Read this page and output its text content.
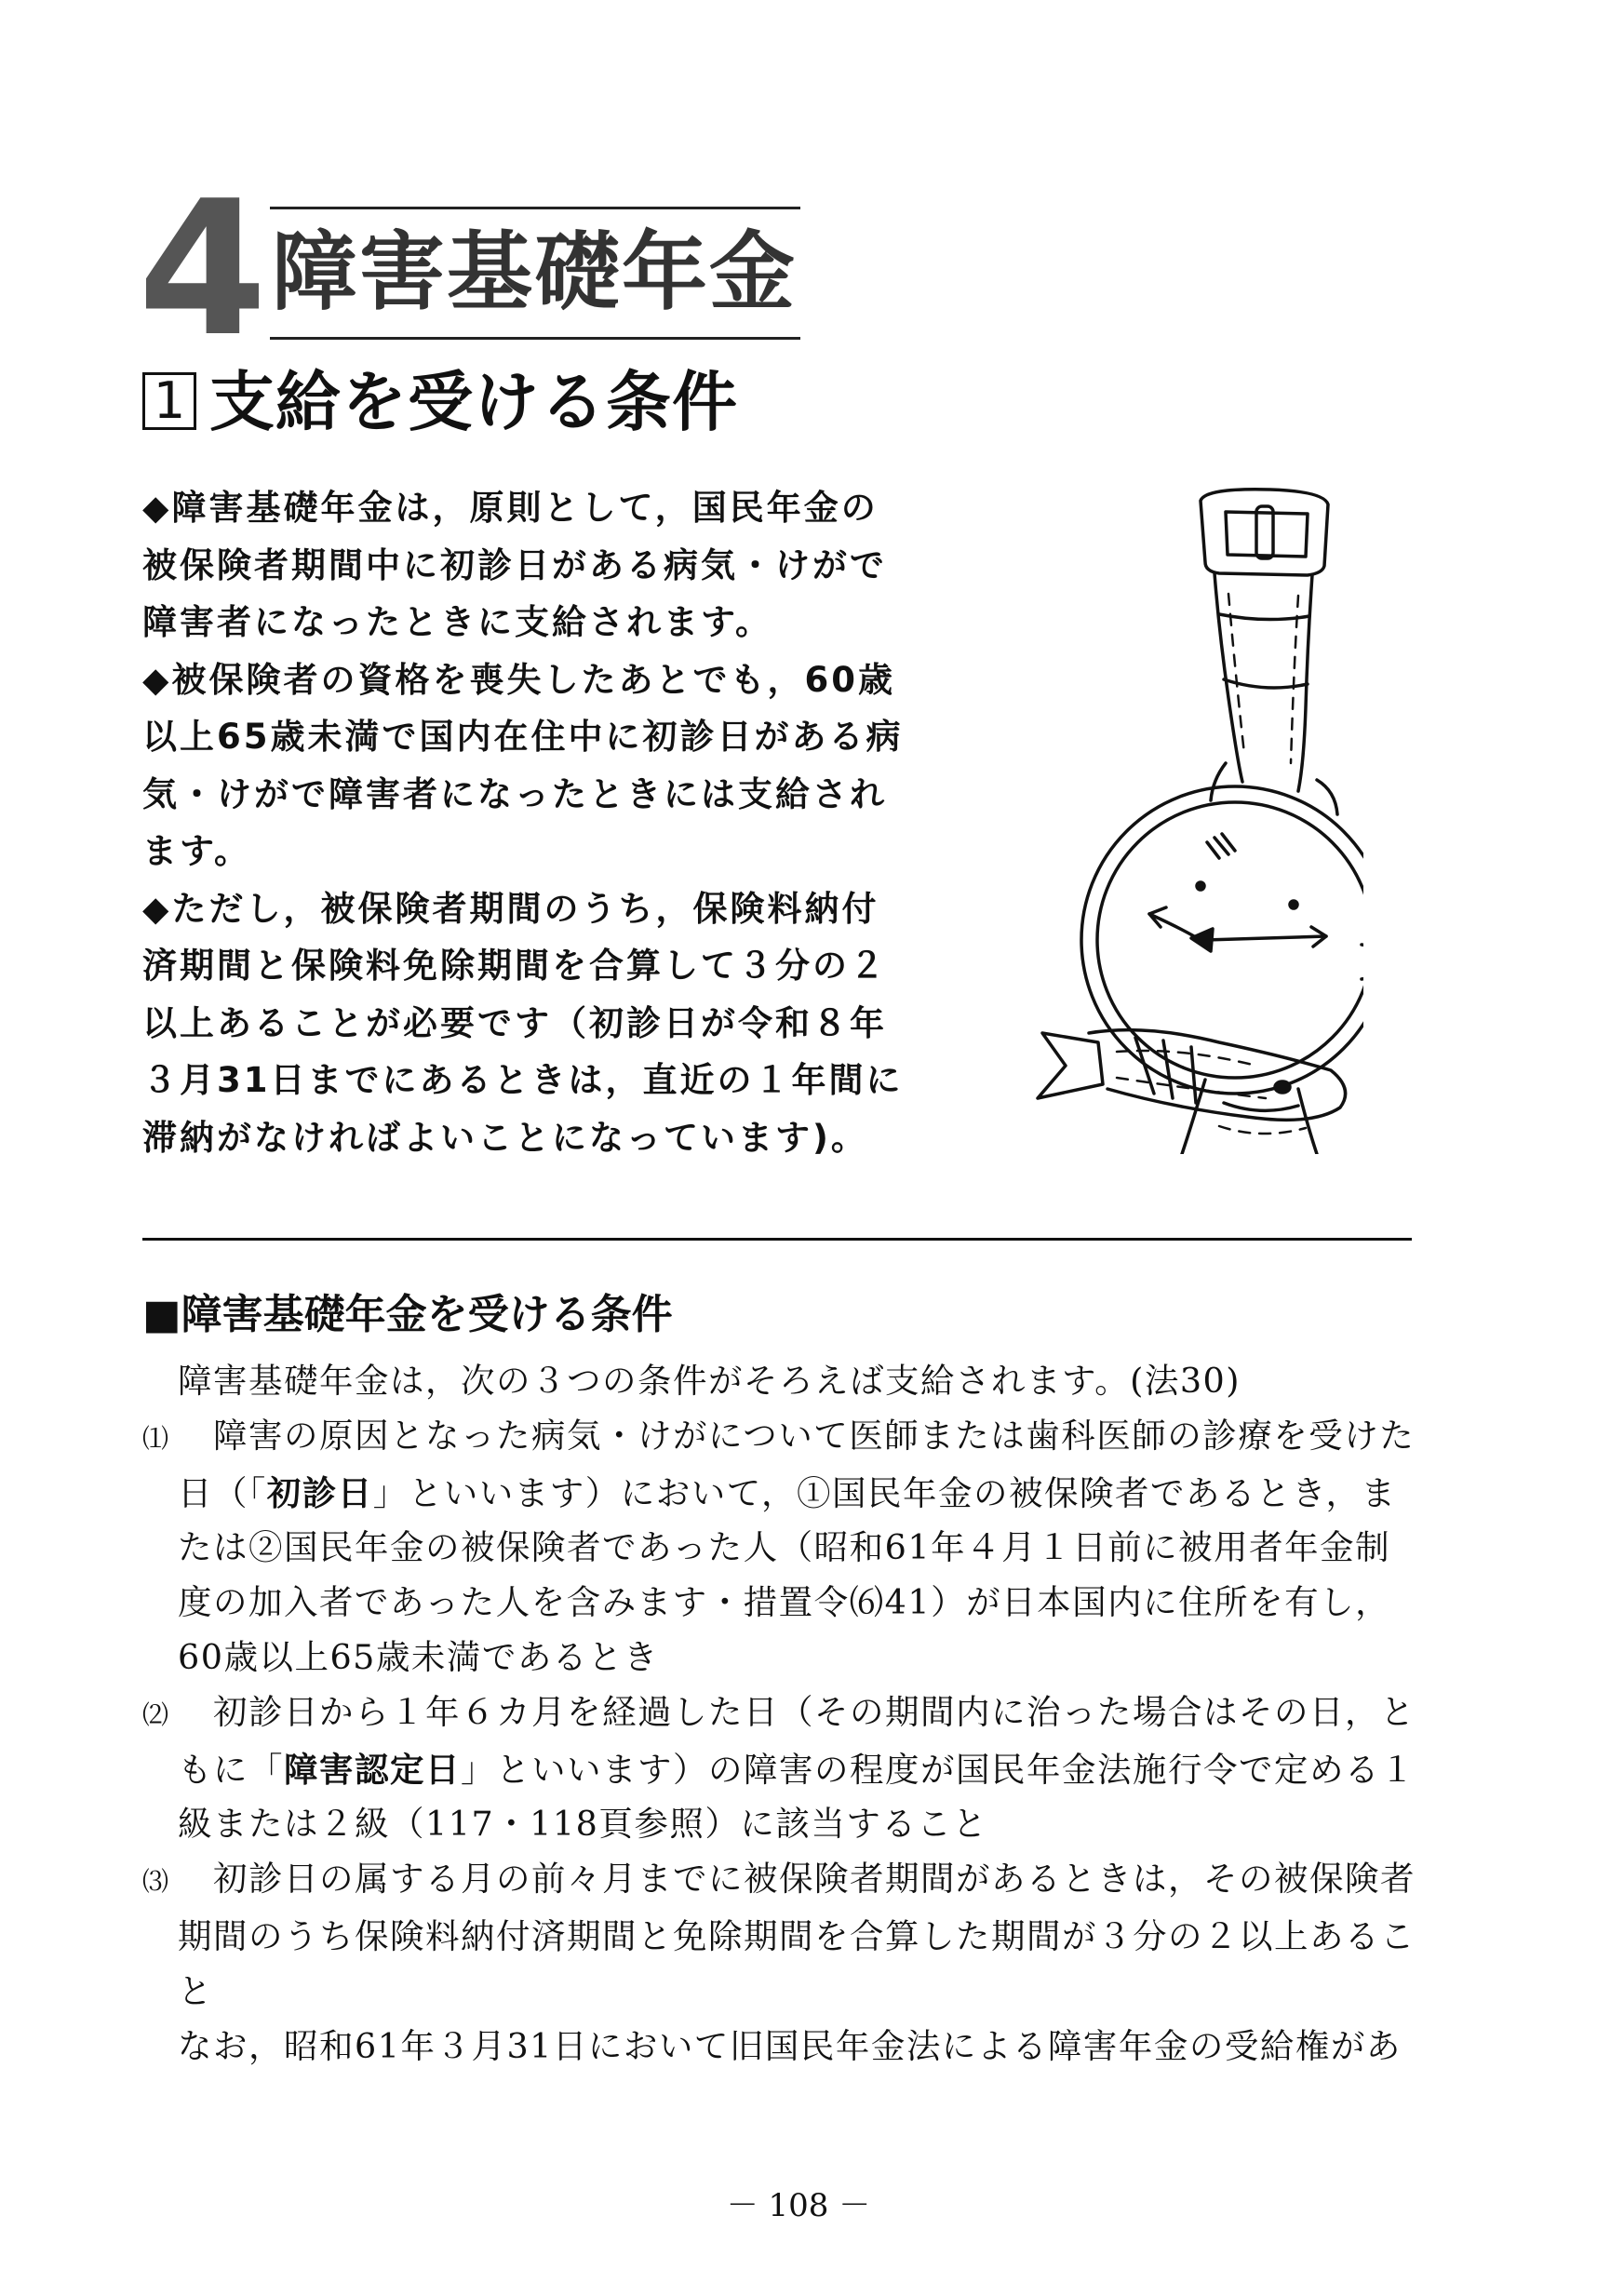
4 障害基礎年金
1 支給を受ける条件

◆障害基礎年金は，原則として，国民年金の被保険者期間中に初診日がある病気・けがで障害者になったときに支給されます。

◆被保険者の資格を喪失したあとでも，60歳以上65歳未満で国内在住中に初診日がある病気・けがで障害者になったときには支給されます。

◆ただし，被保険者期間のうち，保険料納付済期間と保険料免除期間を合算して３分の２以上あることが必要です（初診日が令和８年３月31日までにあるときは，直近の１年間に滞納がなければよいことになっています)。

■障害基礎年金を受ける条件

障害基礎年金は，次の３つの条件がそろえば支給されます。(法30)

⑴ 障害の原因となった病気・けがについて医師または歯科医師の診療を受けた日（「初診日」といいます）において，①国民年金の被保険者であるとき，または②国民年金の被保険者であった人（昭和61年４月１日前に被用者年金制度の加入者であった人を含みます・措置令⑹41）が日本国内に住所を有し，60歳以上65歳未満であるとき

⑵ 初診日から１年６カ月を経過した日（その期間内に治った場合はその日，ともに「障害認定日」といいます）の障害の程度が国民年金法施行令で定める１級または２級（117・118頁参照）に該当すること

⑶ 初診日の属する月の前々月までに被保険者期間があるときは，その被保険者期間のうち保険料納付済期間と免除期間を合算した期間が３分の２以上あること

なお，昭和61年３月31日において旧国民年金法による障害年金の受給権があ

－ 108 －
